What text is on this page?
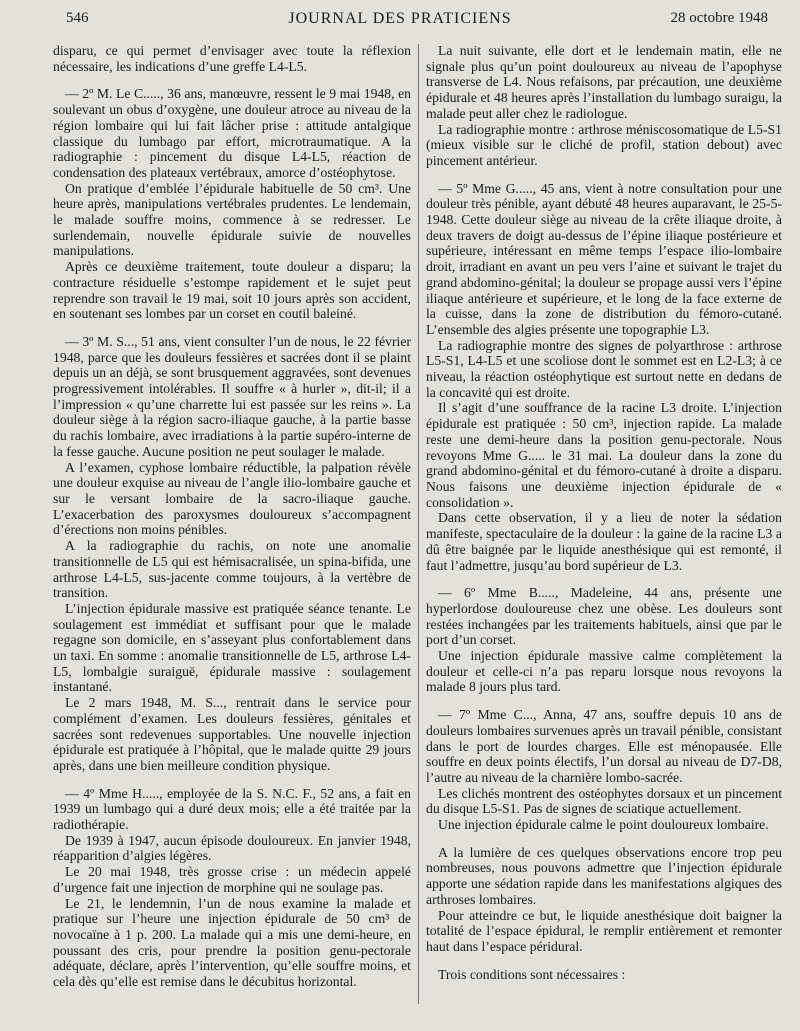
546	JOURNAL DES PRATICIENS	28 octobre 1948

disparu, ce qui permet d’envisager avec toute la réflexion nécessaire, les indications d’une greffe L4-L5.

— 2º M. Le C....., 36 ans, manœuvre, ressent le 9 mai 1948, en soulevant un obus d’oxygène, une douleur atroce au niveau de la région lombaire qui lui fait lâcher prise : attitude antalgique classique du lumbago par effort, microtraumatique. A la radiographie : pincement du disque L4-L5, réaction de condensation des plateaux vertébraux, amorce d’ostéophytose.

On pratique d’emblée l’épidurale habituelle de 50 cm³. Une heure après, manipulations vertébrales prudentes. Le lendemain, le malade souffre moins, commence à se redresser. Le surlendemain, nouvelle épidurale suivie de nouvelles manipulations.

Après ce deuxième traitement, toute douleur a disparu; la contracture résiduelle s’estompe rapidement et le sujet peut reprendre son travail le 19 mai, soit 10 jours après son accident, en soutenant ses lombes par un corset en coutil baleiné.

— 3º M. S..., 51 ans, vient consulter l’un de nous, le 22 février 1948, parce que les douleurs fessières et sacrées dont il se plaint depuis un an déjà, se sont brusquement aggravées, sont devenues progressivement intolérables. Il souffre « à hurler », dit-il; il a l’impression « qu’une charrette lui est passée sur les reins ». La douleur siège à la région sacro-iliaque gauche, à la partie basse du rachis lombaire, avec irradiations à la partie supéro-interne de la fesse gauche. Aucune position ne peut soulager le malade.

A l’examen, cyphose lombaire réductible, la palpation révèle une douleur exquise au niveau de l’angle ilio-lombaire gauche et sur le versant lombaire de la sacro-iliaque gauche. L’exacerbation des paroxysmes douloureux s’accompagnent d’érections non moins pénibles.

A la radiographie du rachis, on note une anomalie transitionnelle de L5 qui est hémisacralisée, un spina-bifida, une arthrose L4-L5, sus-jacente comme toujours, à la vertèbre de transition.

L’injection épidurale massive est pratiquée séance tenante. Le soulagement est immédiat et suffisant pour que le malade regagne son domicile, en s’asseyant plus confortablement dans un taxi. En somme : anomalie transitionnelle de L5, arthrose L4-L5, lombalgie suraiguë, épidurale massive : soulagement instantané.

Le 2 mars 1948, M. S..., rentrait dans le service pour complément d’examen. Les douleurs fessières, génitales et sacrées sont redevenues supportables. Une nouvelle injection épidurale est pratiquée à l’hôpital, que le malade quitte 29 jours après, dans une bien meilleure condition physique.

— 4º Mme H....., employée de la S. N.C. F., 52 ans, a fait en 1939 un lumbago qui a duré deux mois; elle a été traitée par la radiothérapie.

De 1939 à 1947, aucun épisode douloureux. En janvier 1948, réapparition d’algies légères.

Le 20 mai 1948, très grosse crise : un médecin appelé d’urgence fait une injection de morphine qui ne soulage pas.

Le 21, le lendemnin, l’un de nous examine la malade et pratique sur l’heure une injection épidurale de 50 cm³ de novocaïne à 1 p. 200. La malade qui a mis une demi-heure, en poussant des cris, pour prendre la position genu-pectorale adéquate, déclare, après l’intervention, qu’elle souffre moins, et cela dès qu’elle est remise dans le décubitus horizontal.

La nuit suivante, elle dort et le lendemain matin, elle ne signale plus qu’un point douloureux au niveau de l’apophyse transverse de L4. Nous refaisons, par précaution, une deuxième épidurale et 48 heures après l’installation du lumbago suraigu, la malade peut aller chez le radiologue.

La radiographie montre : arthrose méniscosomatique de L5-S1 (mieux visible sur le cliché de profil, station debout) avec pincement antérieur.

— 5º Mme G....., 45 ans, vient à notre consultation pour une douleur très pénible, ayant débuté 48 heures auparavant, le 25-5-1948. Cette douleur siège au niveau de la crête iliaque droite, à deux travers de doigt au-dessus de l’épine iliaque postérieure et supérieure, intéressant en même temps l’espace ilio-lombaire droit, irradiant en avant un peu vers l’aine et suivant le trajet du grand abdomino-génital; la douleur se propage aussi vers l’épine iliaque antérieure et supérieure, et le long de la face externe de la cuisse, dans la zone de distribution du fémoro-cutané. L’ensemble des algies présente une topographie L3.

La radiographie montre des signes de polyarthrose : arthrose L5-S1, L4-L5 et une scoliose dont le sommet est en L2-L3; à ce niveau, la réaction ostéophytique est surtout nette en dedans de la concavité qui est droite.

Il s’agit d’une souffrance de la racine L3 droite. L’injection épidurale est pratiquée : 50 cm³, injection rapide. La malade reste une demi-heure dans la position genu-pectorale. Nous revoyons Mme G..... le 31 mai. La douleur dans la zone du grand abdomino-génital et du fémoro-cutané à droite a disparu. Nous faisons une deuxième injection épidurale de « consolidation ».

Dans cette observation, il y a lieu de noter la sédation manifeste, spectaculaire de la douleur : la gaine de la racine L3 a dû être baignée par le liquide anesthésique qui est remonté, il faut l’admettre, jusqu’au bord supérieur de L3.

— 6º Mme B....., Madeleine, 44 ans, présente une hyperlordose douloureuse chez une obèse. Les douleurs sont restées inchangées par les traitements habituels, ainsi que par le port d’un corset.

Une injection épidurale massive calme complètement la douleur et celle-ci n’a pas reparu lorsque nous revoyons la malade 8 jours plus tard.

— 7º Mme C..., Anna, 47 ans, souffre depuis 10 ans de douleurs lombaires survenues après un travail pénible, consistant dans le port de lourdes charges. Elle est ménopausée. Elle souffre en deux points électifs, l’un dorsal au niveau de D7-D8, l’autre au niveau de la charnière lombo-sacrée.

Les clichés montrent des ostéophytes dorsaux et un pincement du disque L5-S1. Pas de signes de sciatique actuellement.

Une injection épidurale calme le point douloureux lombaire.

A la lumière de ces quelques observations encore trop peu nombreuses, nous pouvons admettre que l’injection épidurale apporte une sédation rapide dans les manifestations algiques des arthroses lombaires.

Pour atteindre ce but, le liquide anesthésique doit baigner la totalité de l’espace épidural, le remplir entièrement et remonter haut dans l’espace péridural.

Trois conditions sont nécessaires :
